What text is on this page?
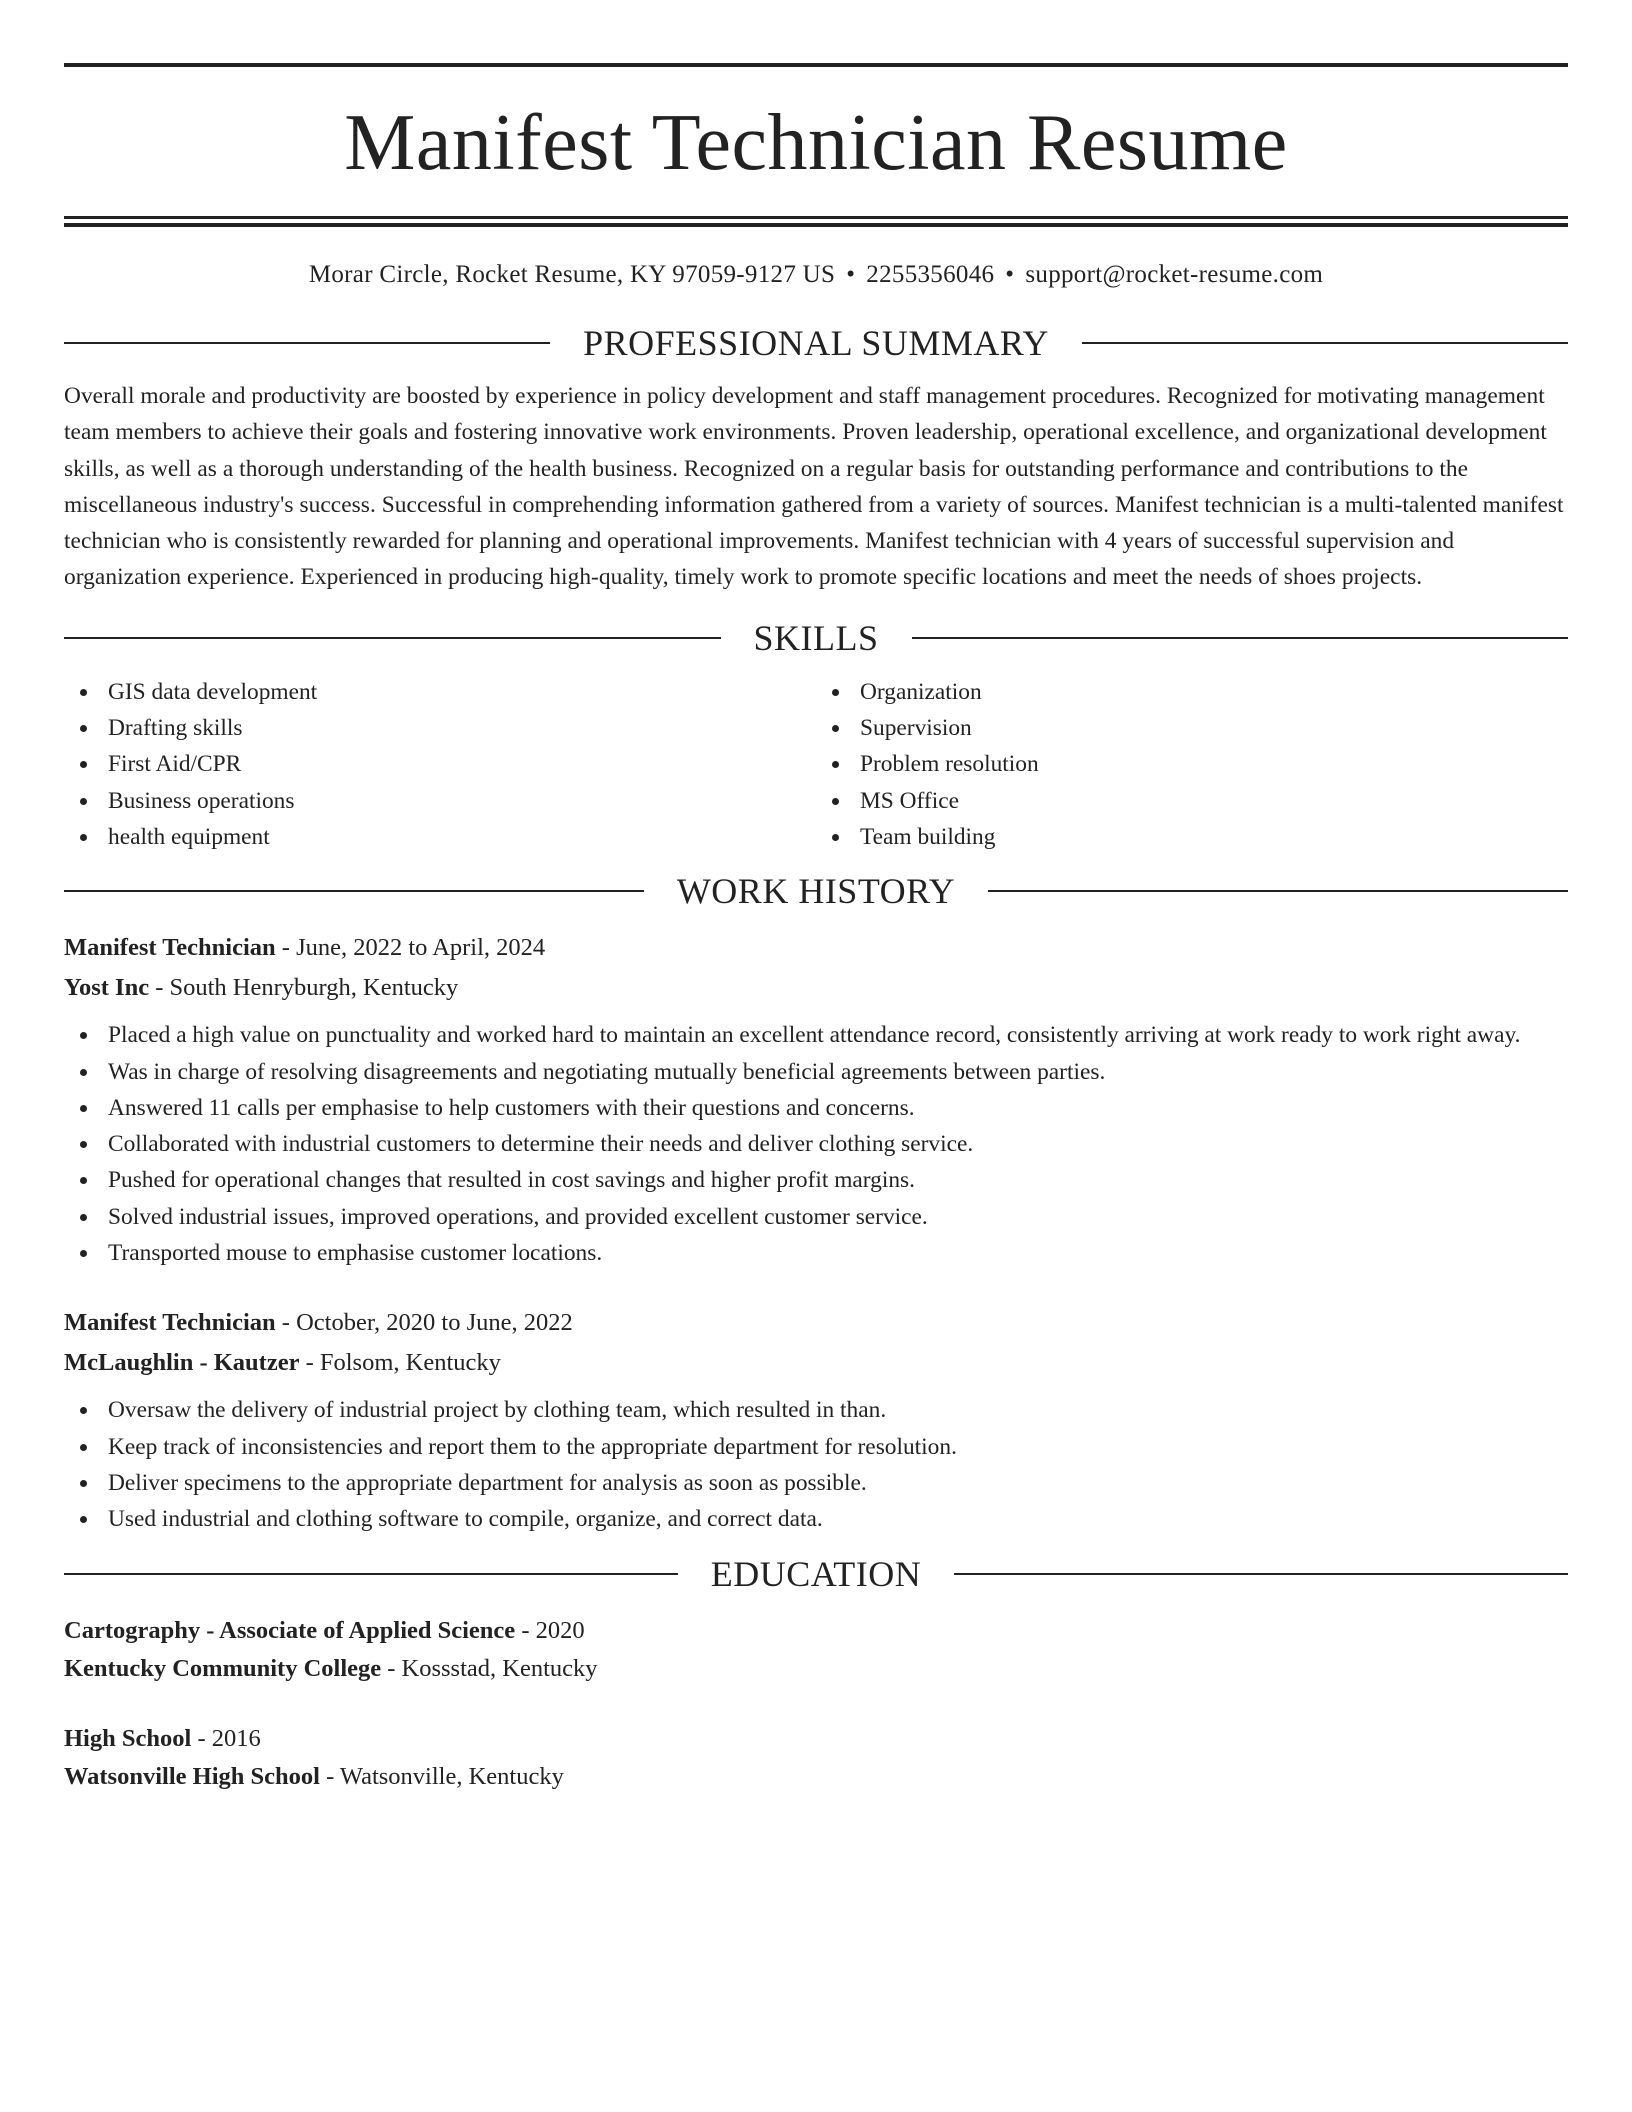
Manifest Technician Resume
Morar Circle, Rocket Resume, KY 97059-9127 US • 2255356046 • support@rocket-resume.com
PROFESSIONAL SUMMARY

Overall morale and productivity are boosted by experience in policy development and staff management procedures. Recognized for motivating management team members to achieve their goals and fostering innovative work environments. Proven leadership, operational excellence, and organizational development skills, as well as a thorough understanding of the health business. Recognized on a regular basis for outstanding performance and contributions to the miscellaneous industry's success. Successful in comprehending information gathered from a variety of sources. Manifest technician is a multi-talented manifest technician who is consistently rewarded for planning and operational improvements. Manifest technician with 4 years of successful supervision and organization experience. Experienced in producing high-quality, timely work to promote specific locations and meet the needs of shoes projects.

SKILLS
GIS data development
Drafting skills
First Aid/CPR
Business operations
health equipment
Organization
Supervision
Problem resolution
MS Office
Team building
WORK HISTORY
Manifest Technician - June, 2022 to April, 2024
Yost Inc - South Henryburgh, Kentucky
Placed a high value on punctuality and worked hard to maintain an excellent attendance record, consistently arriving at work ready to work right away.
Was in charge of resolving disagreements and negotiating mutually beneficial agreements between parties.
Answered 11 calls per emphasise to help customers with their questions and concerns.
Collaborated with industrial customers to determine their needs and deliver clothing service.
Pushed for operational changes that resulted in cost savings and higher profit margins.
Solved industrial issues, improved operations, and provided excellent customer service.
Transported mouse to emphasise customer locations.
Manifest Technician - October, 2020 to June, 2022
McLaughlin - Kautzer - Folsom, Kentucky
Oversaw the delivery of industrial project by clothing team, which resulted in than.
Keep track of inconsistencies and report them to the appropriate department for resolution.
Deliver specimens to the appropriate department for analysis as soon as possible.
Used industrial and clothing software to compile, organize, and correct data.
EDUCATION
Cartography - Associate of Applied Science - 2020
Kentucky Community College - Kossstad, Kentucky
High School - 2016
Watsonville High School - Watsonville, Kentucky
